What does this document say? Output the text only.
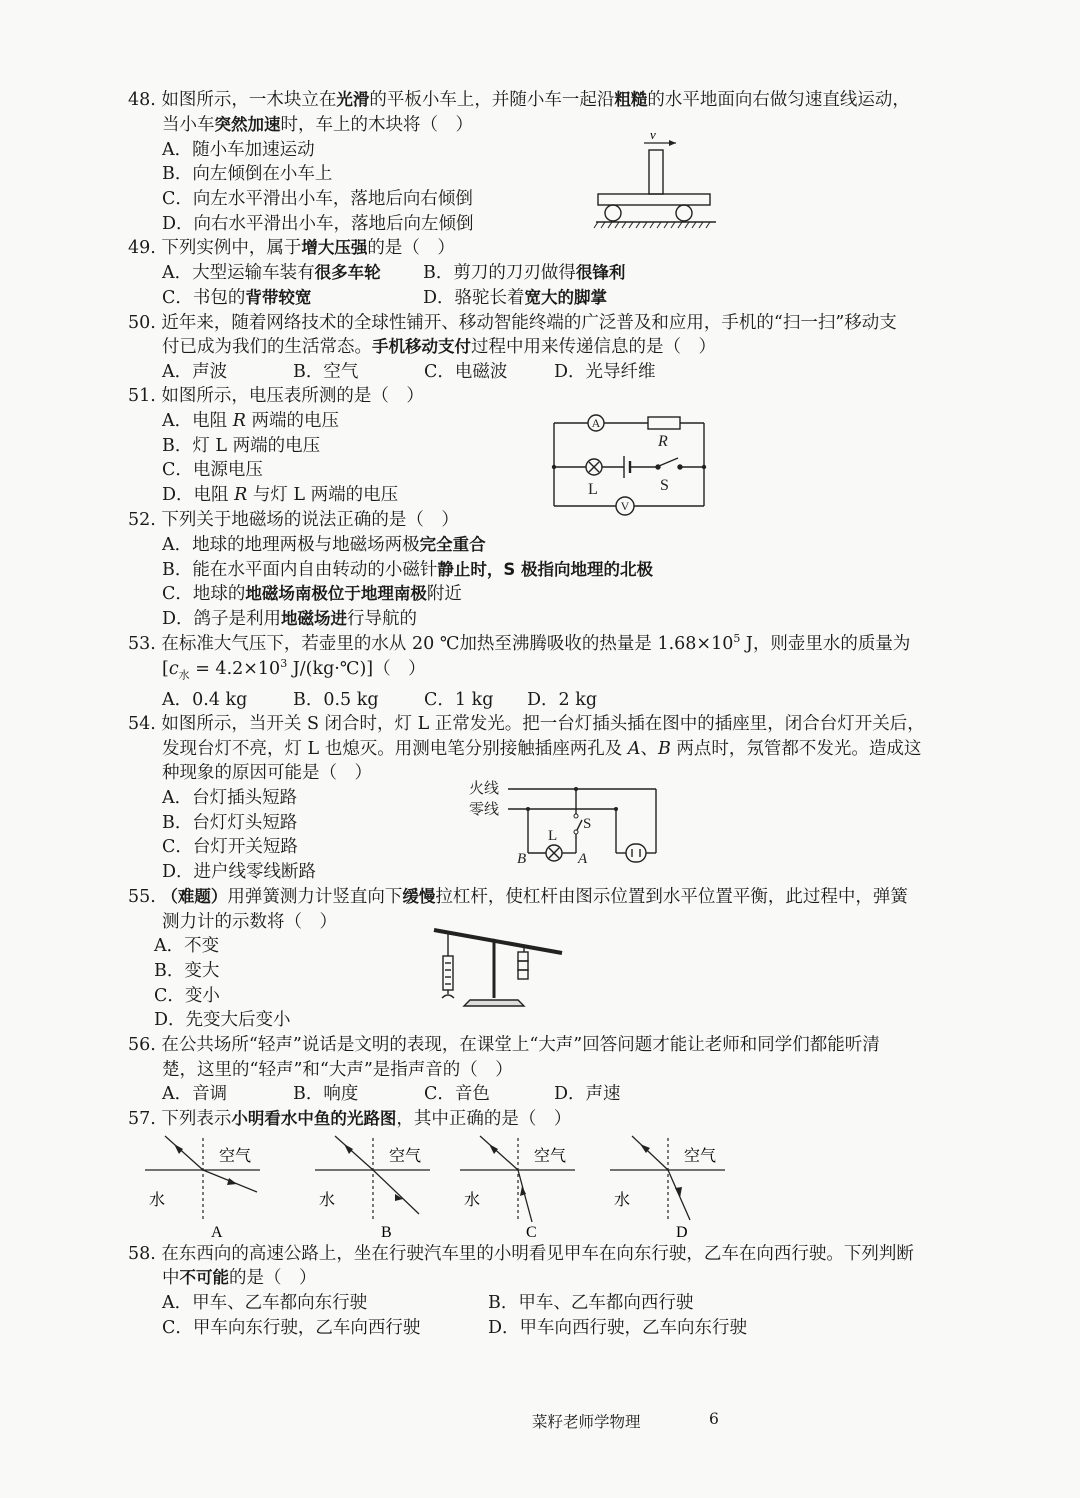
48. 如图所示，一木块立在光滑的平板小车上，并随小车一起沿粗糙的水平地面向右做匀速直线运动，
当小车突然加速时，车上的木块将（　）
A．随小车加速运动
B．向左倾倒在小车上
C．向左水平滑出小车，落地后向右倾倒
D．向右水平滑出小车，落地后向左倾倒
v
49. 下列实例中，属于增大压强的是（　）
A．大型运输车装有很多车轮 B．剪刀的刀刃做得很锋利
C．书包的背带较宽	D．骆驼长着宽大的脚掌
50. 近年来，随着网络技术的全球性铺开、移动智能终端的广泛普及和应用，手机的“扫一扫”移动支
付已成为我们的生活常态。手机移动支付过程中用来传递信息的是（　）
A．声波	B．空气	C．电磁波	D．光导纤维
51. 如图所示，电压表所测的是（　）
A．电阻 R 两端的电压
B．灯 L 两端的电压
C．电源电压
D．电阻 R 与灯 L 两端的电压
A
V
R
L	S
52. 下列关于地磁场的说法正确的是（　）
A．地球的地理两极与地磁场两极完全重合
B．能在水平面内自由转动的小磁针静止时，S 极指向地理的北极
C．地球的地磁场南极位于地理南极附近
D．鸽子是利用地磁场进行导航的
53. 在标准大气压下，若壶里的水从 20 ℃加热至沸腾吸收的热量是 $1.68\times 10^5$ J，则壶里水的质量为
[$c_水 = 4.2\times 10^3$ J/(kg·℃)]（　）
A．0.4 kg	B．0.5 kg	C．1 kg D．2 kg
54. 如图所示，当开关 S 闭合时，灯 L 正常发光。把一台灯插头插在图中的插座里，闭合台灯开关后，
发现台灯不亮，灯 L 也熄灭。用测电笔分别接触插座两孔及 A、B 两点时，氖管都不发光。造成这
种现象的原因可能是（　）
A．台灯插头短路
B．台灯灯头短路
C．台灯开关短路
D．进户线零线断路
火线
零线
L
S
B	A
55. （难题）用弹簧测力计竖直向下缓慢拉杠杆，使杠杆由图示位置到水平位置平衡，此过程中，弹簧
测力计的示数将（　）
A．不变
B．变大
C．变小
D．先变大后变小
56. 在公共场所“轻声”说话是文明的表现，在课堂上“大声”回答问题才能让老师和同学们都能听清
楚，这里的“轻声”和“大声”是指声音的（　）
A．音调	B．响度	C．音色	D．声速
57. 下列表示小明看水中鱼的光路图，其中正确的是（　）
空气
水
A
空气
水
B
空气
水
C
空气
水
D
58. 在东西向的高速公路上，坐在行驶汽车里的小明看见甲车在向东行驶，乙车在向西行驶。下列判断
中不可能的是（　）
A．甲车、乙车都向东行驶	B．甲车、乙车都向西行驶
C．甲车向东行驶，乙车向西行驶	D．甲车向西行驶，乙车向东行驶
菜籽老师学物理	6
